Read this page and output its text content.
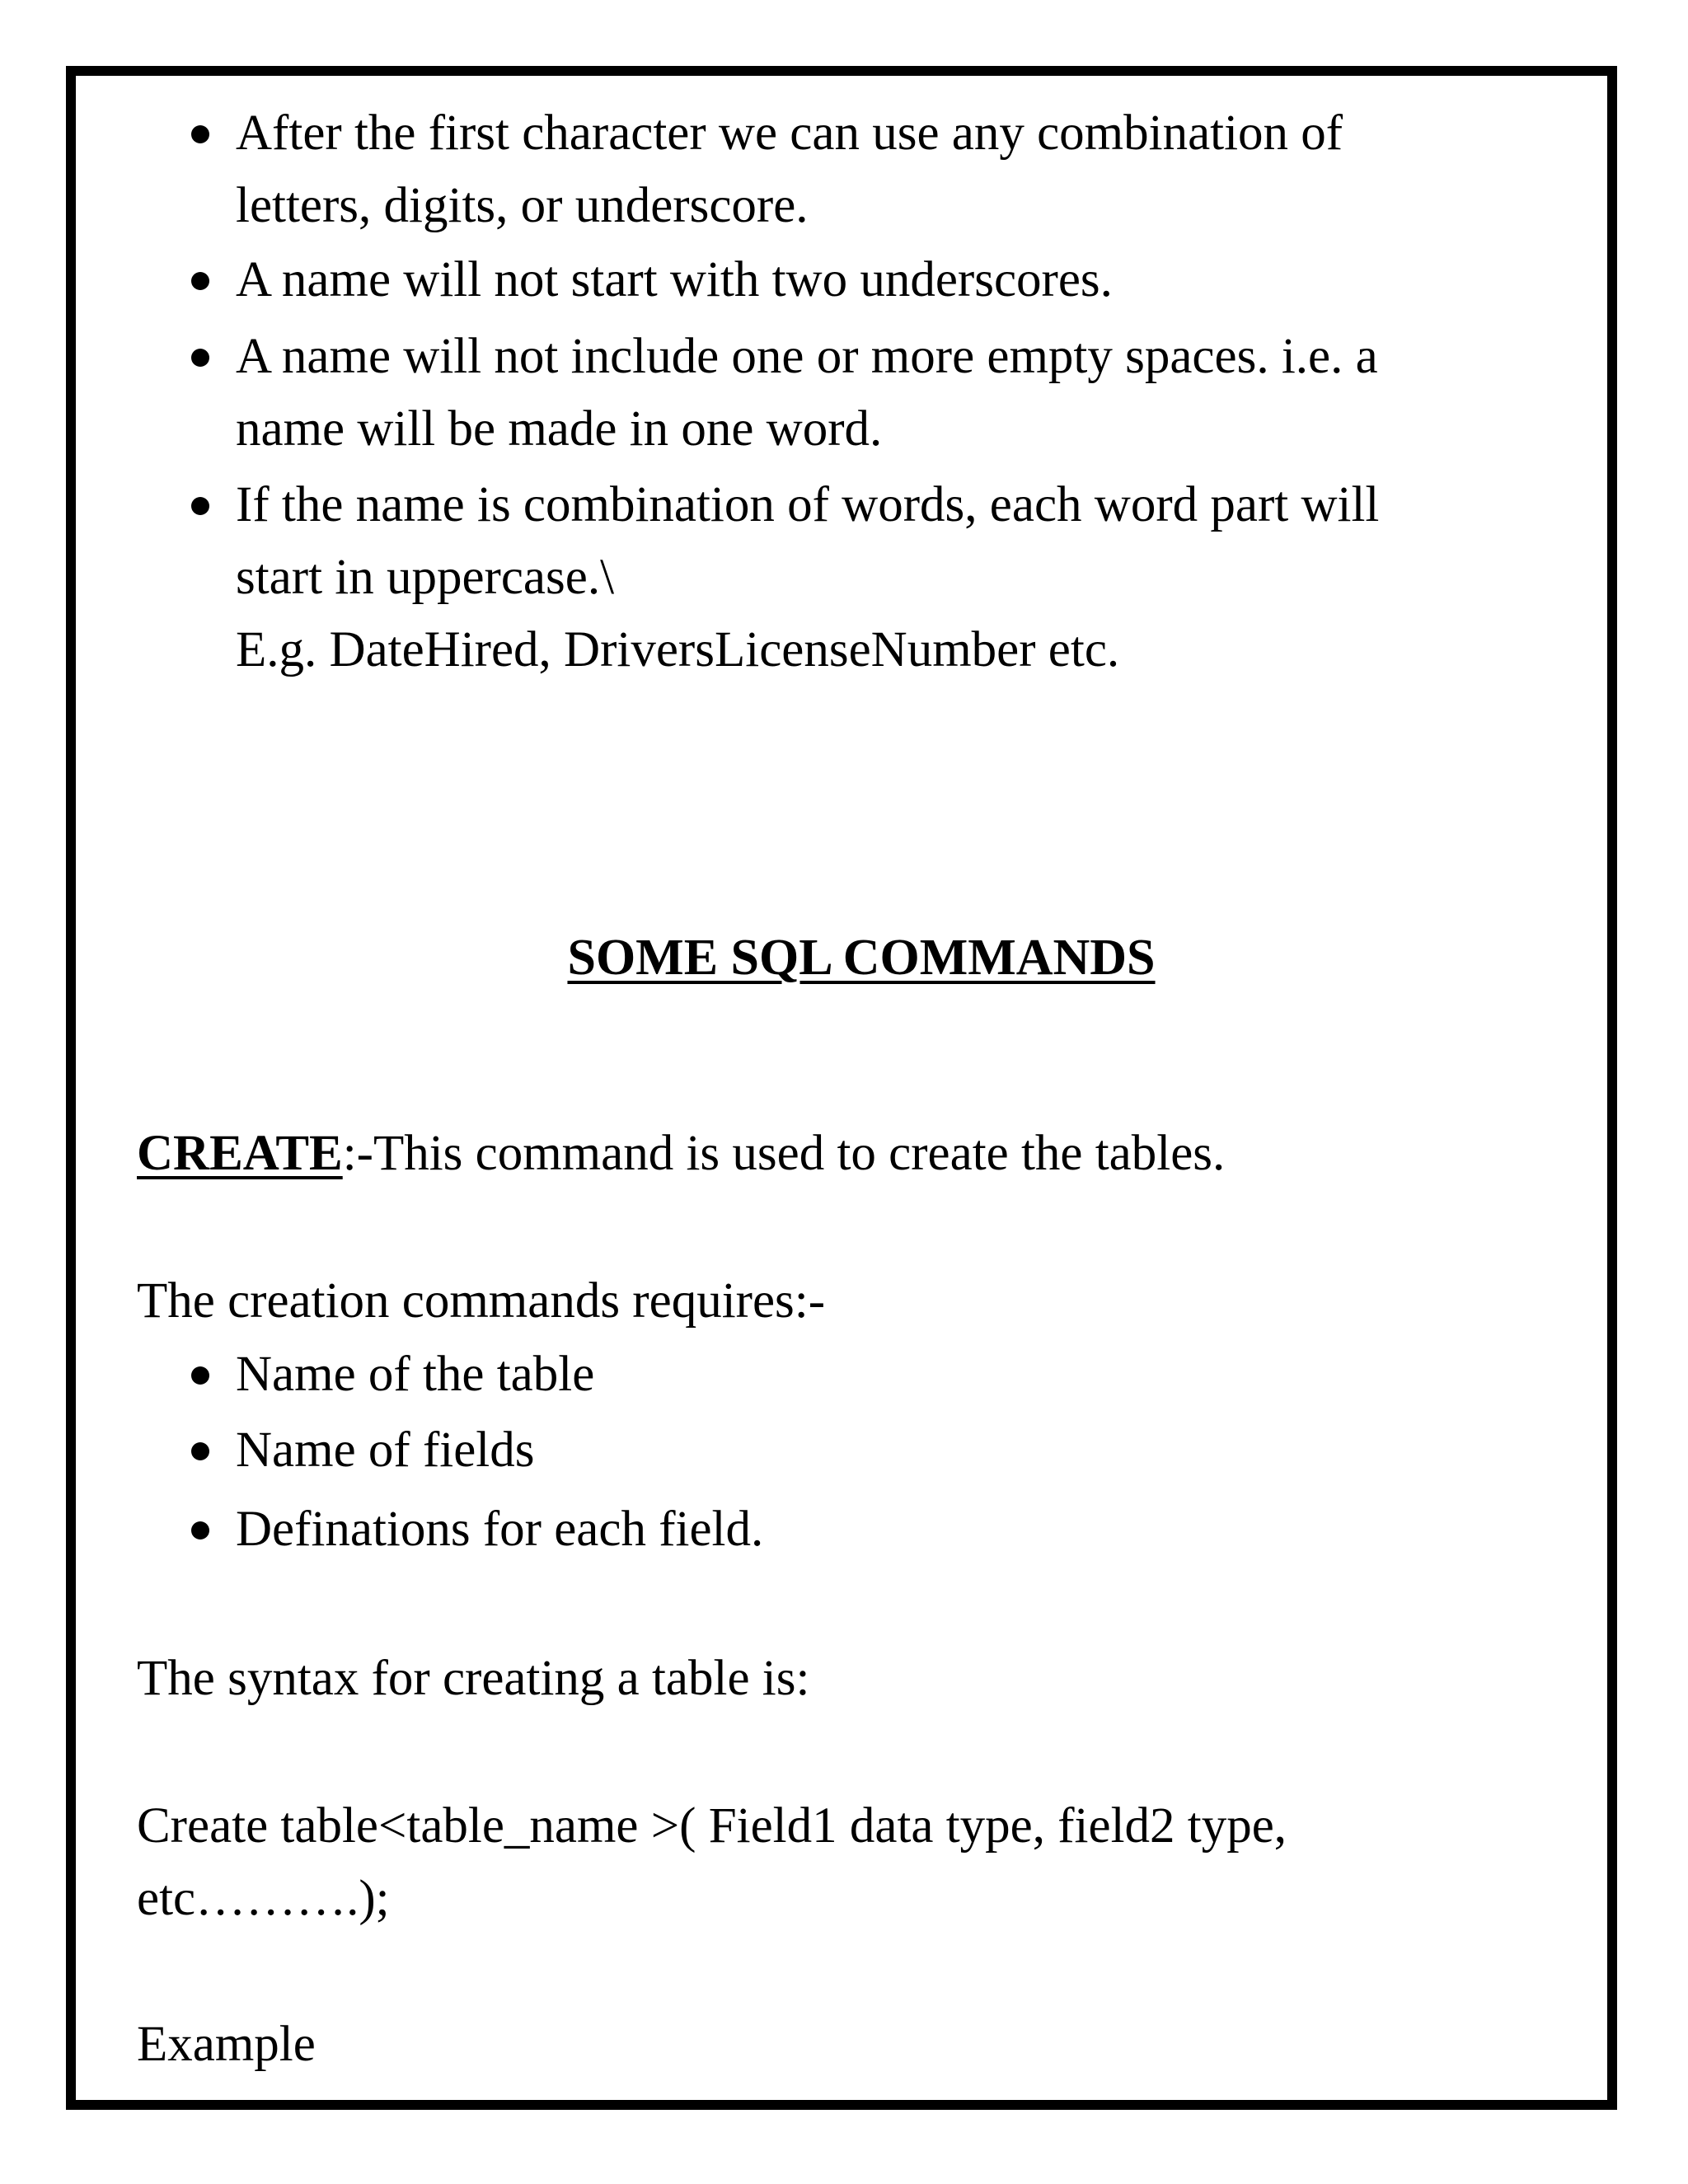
After the first character we can use any combination of
letters, digits, or underscore.
A name will not start with two underscores.
A name will not include one or more empty spaces. i.e. a
name will be made in one word.
If the name is combination of words, each word part will
start in uppercase.\
E.g. DateHired, DriversLicenseNumber etc.
SOME SQL COMMANDS
CREATE:-This command is used to create the tables.
The creation commands requires:-
Name of the table
Name of fields
Definations for each field.
The syntax for creating a table is:
Create table<table_name >( Field1 data type, field2 type,
etc……….);
Example
